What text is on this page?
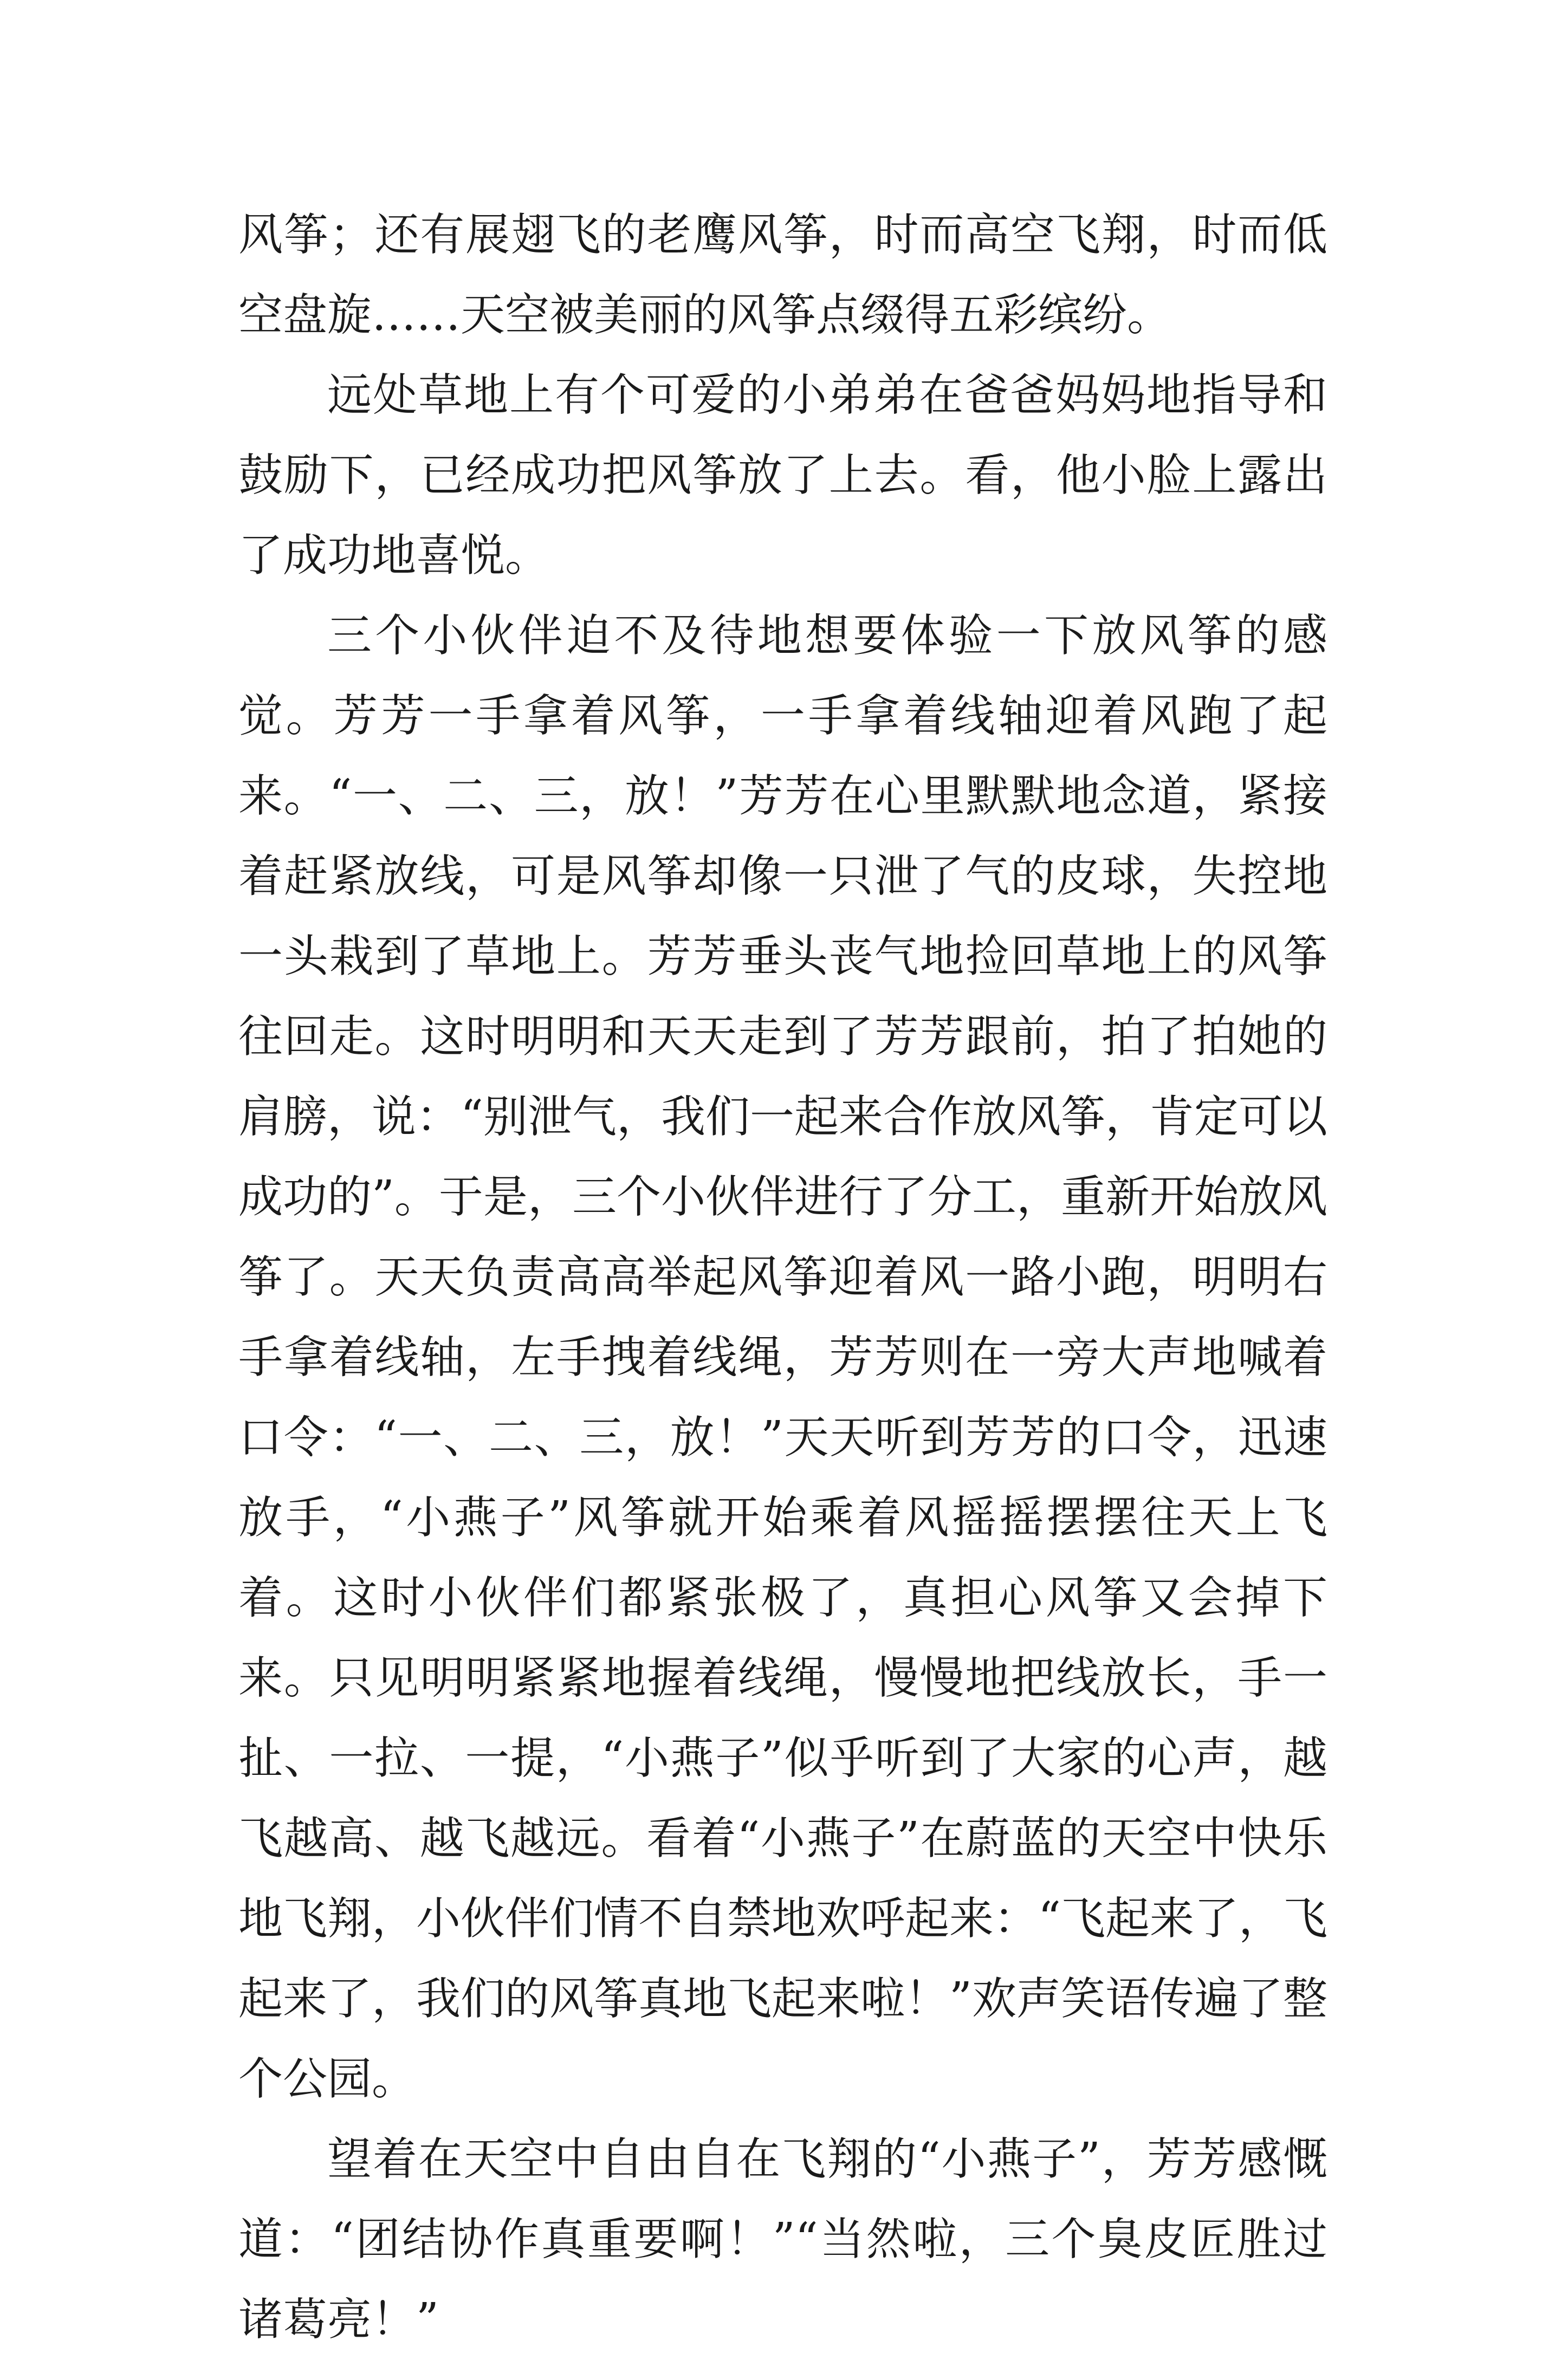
风筝；还有展翅飞的老鹰风筝，时而高空飞翔，时而低空盘旋……天空被美丽的风筝点缀得五彩缤纷。

远处草地上有个可爱的小弟弟在爸爸妈妈地指导和鼓励下，已经成功把风筝放了上去。看，他小脸上露出了成功地喜悦。

三个小伙伴迫不及待地想要体验一下放风筝的感觉。芳芳一手拿着风筝，一手拿着线轴迎着风跑了起来。“一、二、三，放！”芳芳在心里默默地念道，紧接着赶紧放线，可是风筝却像一只泄了气的皮球，失控地一头栽到了草地上。芳芳垂头丧气地捡回草地上的风筝往回走。这时明明和天天走到了芳芳跟前，拍了拍她的肩膀，说：“别泄气，我们一起来合作放风筝，肯定可以成功的”。于是，三个小伙伴进行了分工，重新开始放风筝了。天天负责高高举起风筝迎着风一路小跑，明明右手拿着线轴，左手拽着线绳，芳芳则在一旁大声地喊着口令：“一、二、三，放！”天天听到芳芳的口令，迅速放手，“小燕子”风筝就开始乘着风摇摇摆摆往天上飞着。这时小伙伴们都紧张极了，真担心风筝又会掉下来。只见明明紧紧地握着线绳，慢慢地把线放长，手一扯、一拉、一提，“小燕子”似乎听到了大家的心声，越飞越高、越飞越远。看着“小燕子”在蔚蓝的天空中快乐地飞翔，小伙伴们情不自禁地欢呼起来：“飞起来了，飞起来了，我们的风筝真地飞起来啦！”欢声笑语传遍了整个公园。

望着在天空中自由自在飞翔的“小燕子”，芳芳感慨道：“团结协作真重要啊！”“当然啦，三个臭皮匠胜过诸葛亮！”
